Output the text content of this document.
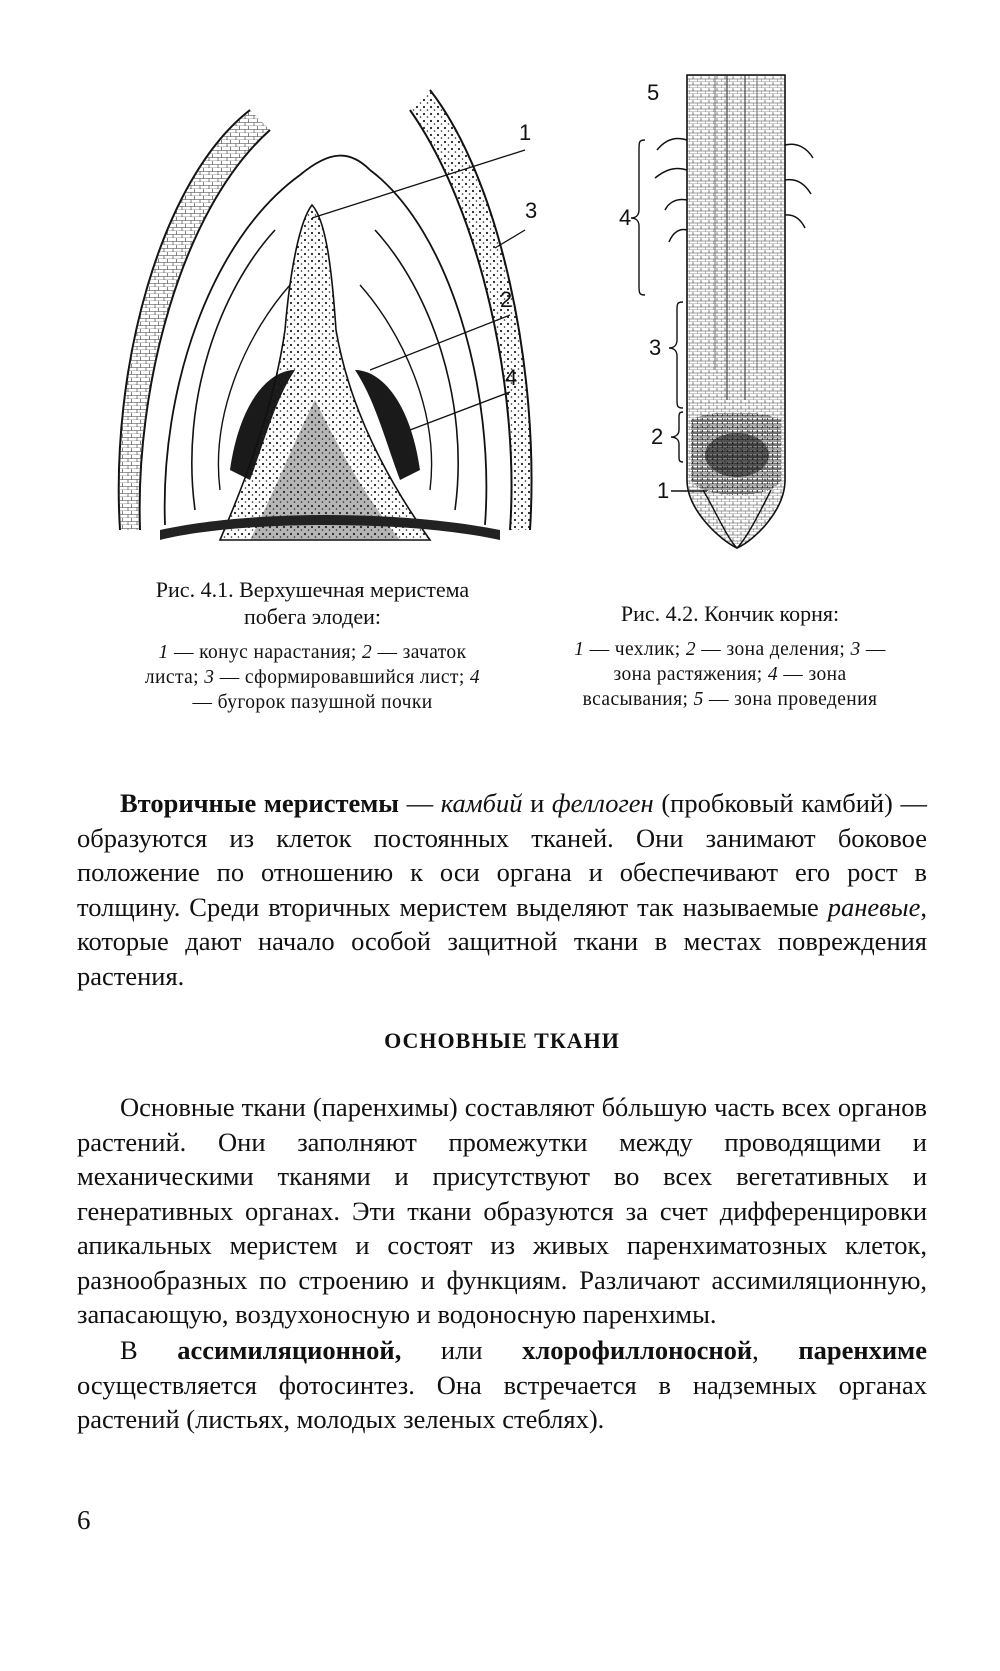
1
3
2
4
5
4
3
2
1
Рис. 4.1. Верхушечная меристема побега элодеи:
1 — конус нарастания; 2 — зачаток листа; 3 — сформировавшийся лист; 4 — бугорок пазушной почки
Рис. 4.2. Кончик корня:
1 — чехлик; 2 — зона деления; 3 — зона растяжения; 4 — зона всасывания; 5 — зона проведения

Вторичные меристемы — камбий и феллоген (пробковый камбий) — образуются из клеток постоянных тканей. Они занимают боковое положение по отношению к оси органа и обеспечивают его рост в толщину. Среди вторичных меристем выделяют так называемые раневые, которые дают начало особой защитной ткани в местах повреждения растения.

ОСНОВНЫЕ ТКАНИ

Основные ткани (паренхимы) составляют бóльшую часть всех органов растений. Они заполняют промежутки между проводящими и механическими тканями и присутствуют во всех вегетативных и генеративных органах. Эти ткани образуются за счет дифференцировки апикальных меристем и состоят из живых паренхиматозных клеток, разнообразных по строению и функциям. Различают ассимиляционную, запасающую, воздухоносную и водоносную паренхимы.

В ассимиляционной, или хлорофиллоносной, паренхиме осуществляется фотосинтез. Она встречается в надземных органах растений (листьях, молодых зеленых стеблях).

6
